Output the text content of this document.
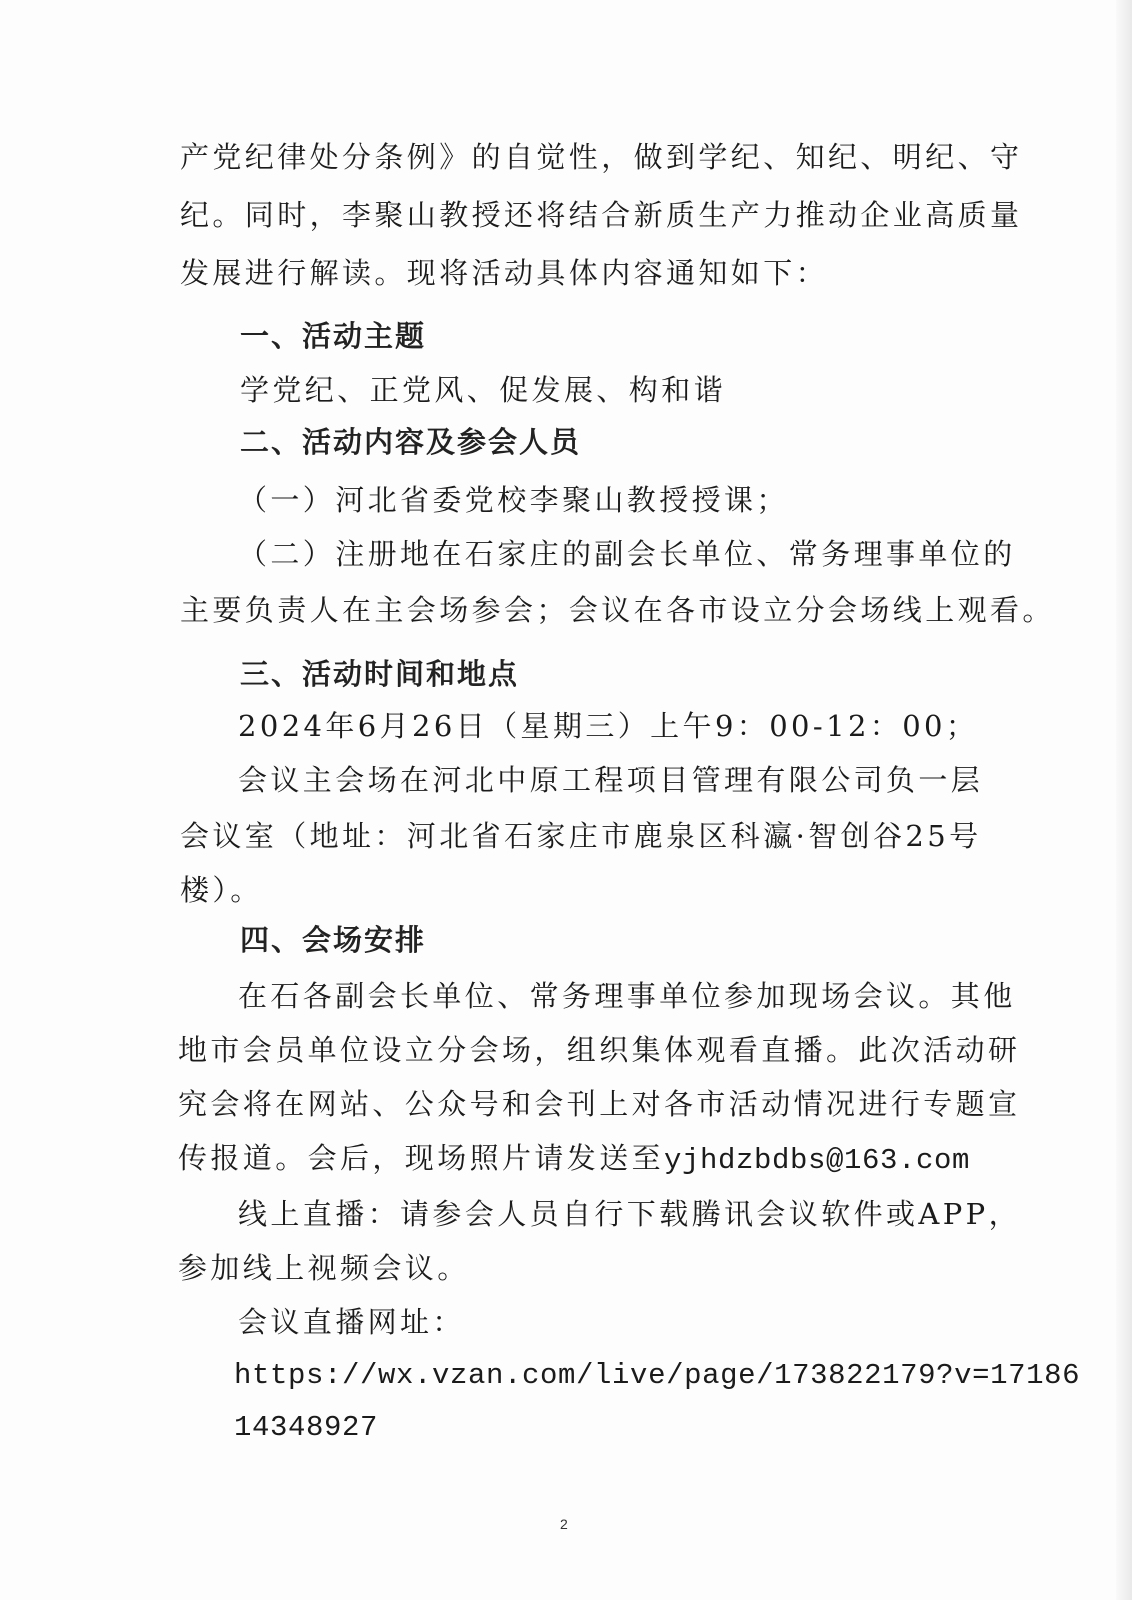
产党纪律处分条例》的自觉性，做到学纪、知纪、明纪、守
纪。同时，李聚山教授还将结合新质生产力推动企业高质量
发展进行解读。现将活动具体内容通知如下：
一、活动主题
学党纪、正党风、促发展、构和谐
二、活动内容及参会人员
（一）河北省委党校李聚山教授授课；
（二）注册地在石家庄的副会长单位、常务理事单位的
主要负责人在主会场参会；会议在各市设立分会场线上观看。
三、活动时间和地点
2024年6月26日（星期三）上午9：00-12：00；
会议主会场在河北中原工程项目管理有限公司负一层
会议室（地址：河北省石家庄市鹿泉区科瀛·智创谷25号
楼）。
四、会场安排
在石各副会长单位、常务理事单位参加现场会议。其他
地市会员单位设立分会场，组织集体观看直播。此次活动研
究会将在网站、公众号和会刊上对各市活动情况进行专题宣
传报道。会后，现场照片请发送至yjhdzbdbs@163.com
线上直播：请参会人员自行下载腾讯会议软件或APP，
参加线上视频会议。
会议直播网址：
https://wx.vzan.com/live/page/173822179?v=17186
14348927
2
